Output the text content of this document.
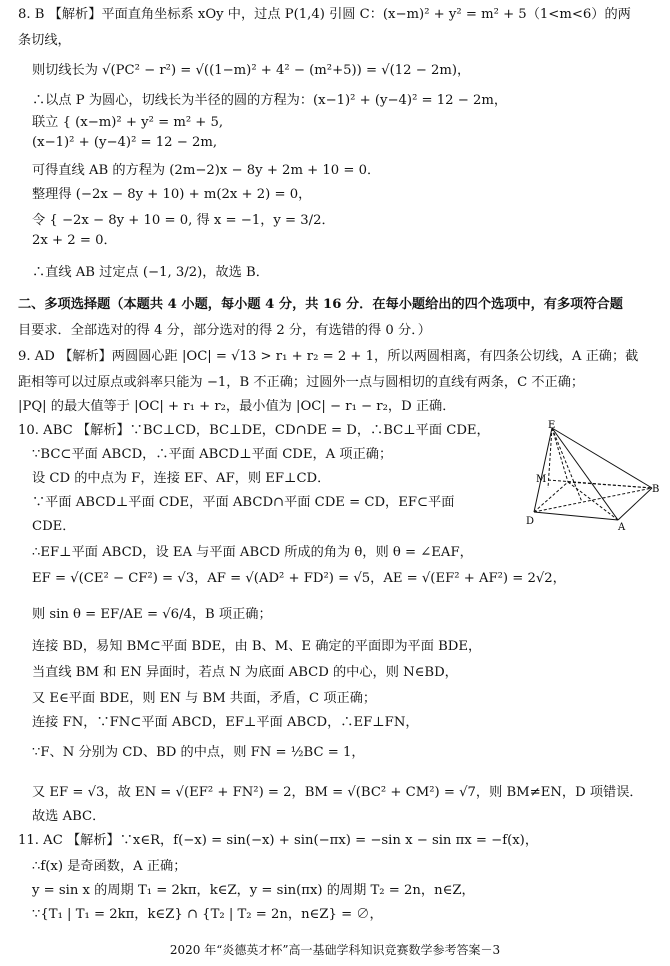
8. B 【解析】平面直角坐标系 xOy 中，过点 P(1,4) 引圆 C：(x−m)² + y² = m² + 5（1<m<6）的两
条切线，
则切线长为 √(PC² − r²) = √((1−m)² + 4² − (m²+5)) = √(12 − 2m)，
∴以点 P 为圆心，切线长为半径的圆的方程为：(x−1)² + (y−4)² = 12 − 2m，
联立 { (x−m)² + y² = m² + 5,
(x−1)² + (y−4)² = 12 − 2m,
可得直线 AB 的方程为 (2m−2)x − 8y + 2m + 10 = 0．
整理得 (−2x − 8y + 10) + m(2x + 2) = 0，
令 { −2x − 8y + 10 = 0, 得 x = −1，y = 3/2．
2x + 2 = 0．
∴直线 AB 过定点 (−1, 3/2)，故选 B．
二、多项选择题（本题共 4 小题，每小题 4 分，共 16 分．在每小题给出的四个选项中，有多项符合题
目要求．全部选对的得 4 分，部分选对的得 2 分，有选错的得 0 分．）
9. AD 【解析】两圆圆心距 |OC| = √13 > r₁ + r₂ = 2 + 1，所以两圆相离，有四条公切线，A 正确；截
距相等可以过原点或斜率只能为 −1，B 不正确；过圆外一点与圆相切的直线有两条，C 不正确；
|PQ| 的最大值等于 |OC| + r₁ + r₂，最小值为 |OC| − r₁ − r₂，D 正确．
10. ABC 【解析】∵BC⊥CD，BC⊥DE，CD∩DE = D，∴BC⊥平面 CDE，
∵BC⊂平面 ABCD，∴平面 ABCD⊥平面 CDE，A 项正确；
设 CD 的中点为 F，连接 EF、AF，则 EF⊥CD．
∵平面 ABCD⊥平面 CDE，平面 ABCD∩平面 CDE = CD，EF⊂平面
CDE．
∴EF⊥平面 ABCD，设 EA 与平面 ABCD 所成的角为 θ，则 θ = ∠EAF，
EF = √(CE² − CF²) = √3，AF = √(AD² + FD²) = √5，AE = √(EF² + AF²) = 2√2，
则 sin θ = EF/AE = √6/4，B 项正确；
连接 BD，易知 BM⊂平面 BDE，由 B、M、E 确定的平面即为平面 BDE，
当直线 BM 和 EN 异面时，若点 N 为底面 ABCD 的中心，则 N∈BD，
又 E∈平面 BDE，则 EN 与 BM 共面，矛盾，C 项正确；
连接 FN，∵FN⊂平面 ABCD，EF⊥平面 ABCD，∴EF⊥FN，
∵F、N 分别为 CD、BD 的中点，则 FN = ½BC = 1，
又 EF = √3，故 EN = √(EF² + FN²) = 2，BM = √(BC² + CM²) = √7，则 BM≠EN，D 项错误．
故选 ABC．
11. AC 【解析】∵x∈R，f(−x) = sin(−x) + sin(−πx) = −sin x − sin πx = −f(x)，
∴f(x) 是奇函数，A 正确；
y = sin x 的周期 T₁ = 2kπ，k∈Z，y = sin(πx) 的周期 T₂ = 2n，n∈Z，
∵{T₁ | T₁ = 2kπ，k∈Z} ∩ {T₂ | T₂ = 2n，n∈Z} = ∅，
E
M
B
D
A
2020 年“炎德英才杯”高一基础学科知识竞赛数学参考答案－3
